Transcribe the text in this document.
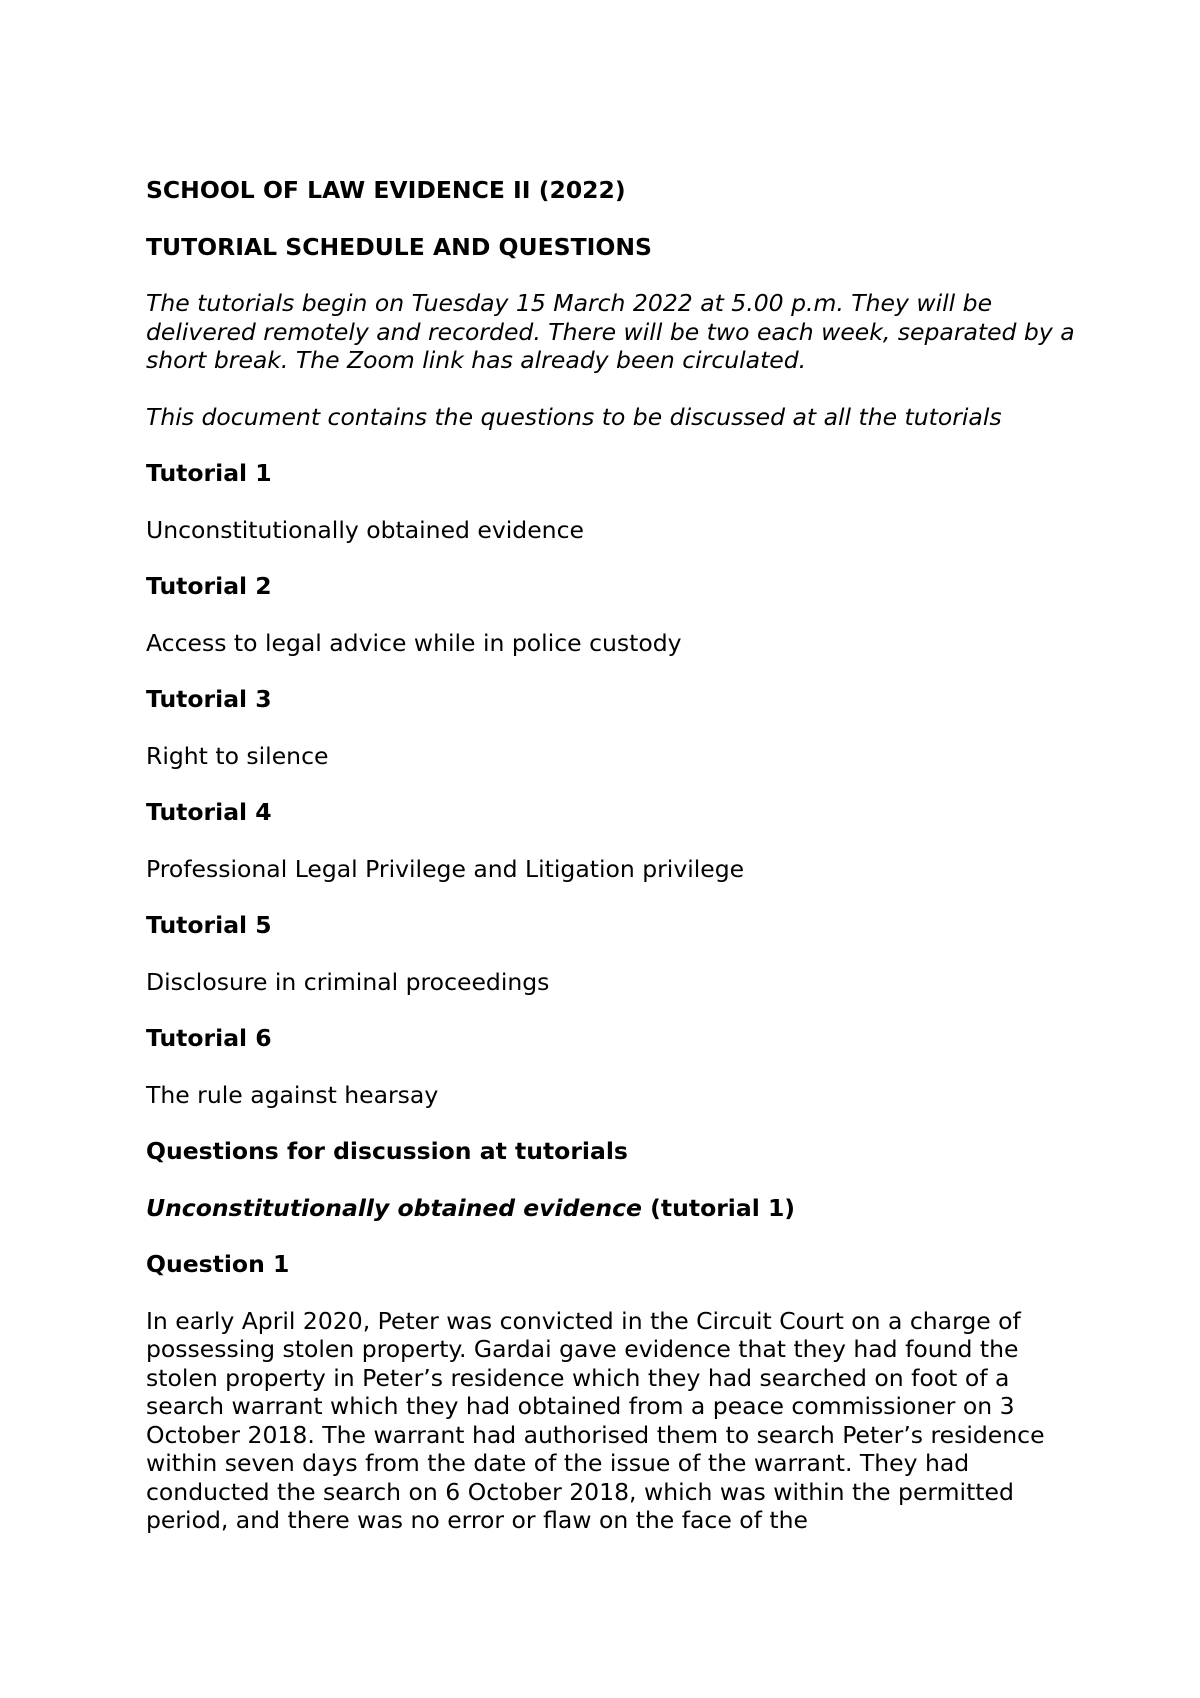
SCHOOL OF LAW EVIDENCE II (2022)

TUTORIAL SCHEDULE AND QUESTIONS

The tutorials begin on Tuesday 15 March 2022 at 5.00 p.m. They will be delivered remotely and recorded. There will be two each week, separated by a short break. The Zoom link has already been circulated.

This document contains the questions to be discussed at all the tutorials

Tutorial 1

Unconstitutionally obtained evidence

Tutorial 2

Access to legal advice while in police custody

Tutorial 3

Right to silence

Tutorial 4

Professional Legal Privilege and Litigation privilege

Tutorial 5

Disclosure in criminal proceedings

Tutorial 6

The rule against hearsay

Questions for discussion at tutorials

Unconstitutionally obtained evidence (tutorial 1)

Question 1

In early April 2020, Peter was convicted in the Circuit Court on a charge of possessing stolen property. Gardai gave evidence that they had found the stolen property in Peter’s residence which they had searched on foot of a search warrant which they had obtained from a peace commissioner on 3 October 2018. The warrant had authorised them to search Peter’s residence within seven days from the date of the issue of the warrant. They had conducted the search on 6 October 2018, which was within the permitted period, and there was no error or flaw on the face of the
